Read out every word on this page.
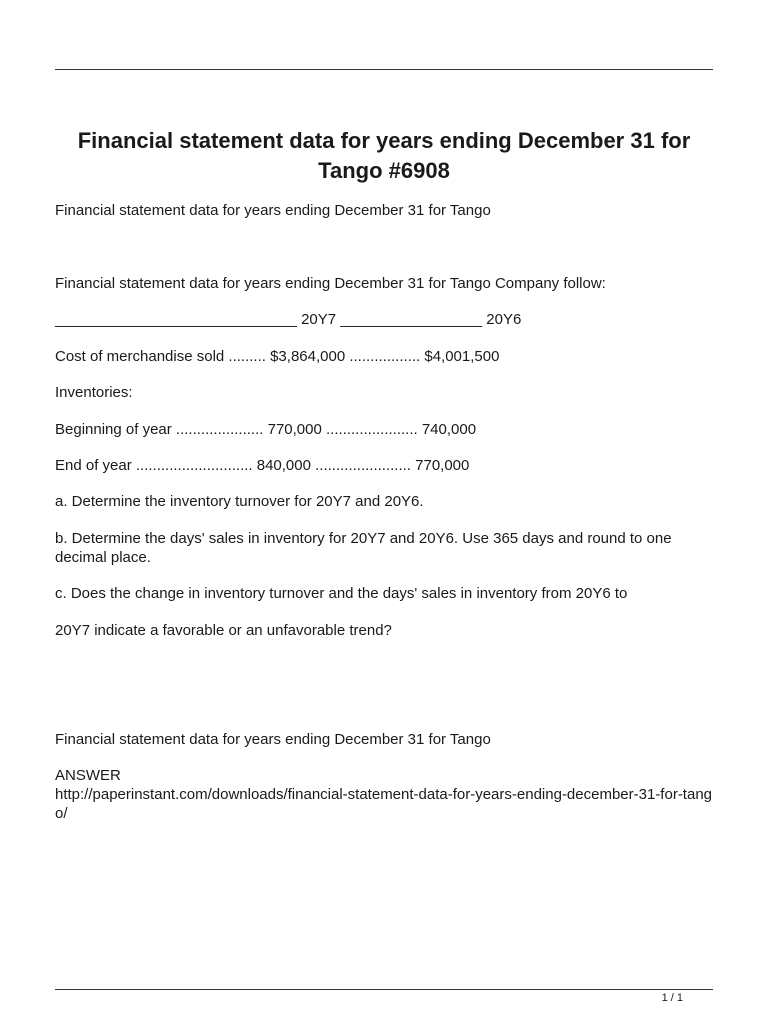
Financial statement data for years ending December 31 for Tango #6908

Financial statement data for years ending December 31 for Tango

Financial statement data for years ending December 31 for Tango Company follow:

_____________________________ 20Y7 _________________ 20Y6

Cost of merchandise sold ......... $3,864,000 ................. $4,001,500

Inventories:

Beginning of year ..................... 770,000 ...................... 740,000

End of year ............................ 840,000 ....................... 770,000

a. Determine the inventory turnover for 20Y7 and 20Y6.

b. Determine the days' sales in inventory for 20Y7 and 20Y6. Use 365 days and round to one decimal place.

c. Does the change in inventory turnover and the days' sales in inventory from 20Y6 to

20Y7 indicate a favorable or an unfavorable trend?

Financial statement data for years ending December 31 for Tango

ANSWER

http://paperinstant.com/downloads/financial-statement-data-for-years-ending-december-31-for-tango/

1 / 1
